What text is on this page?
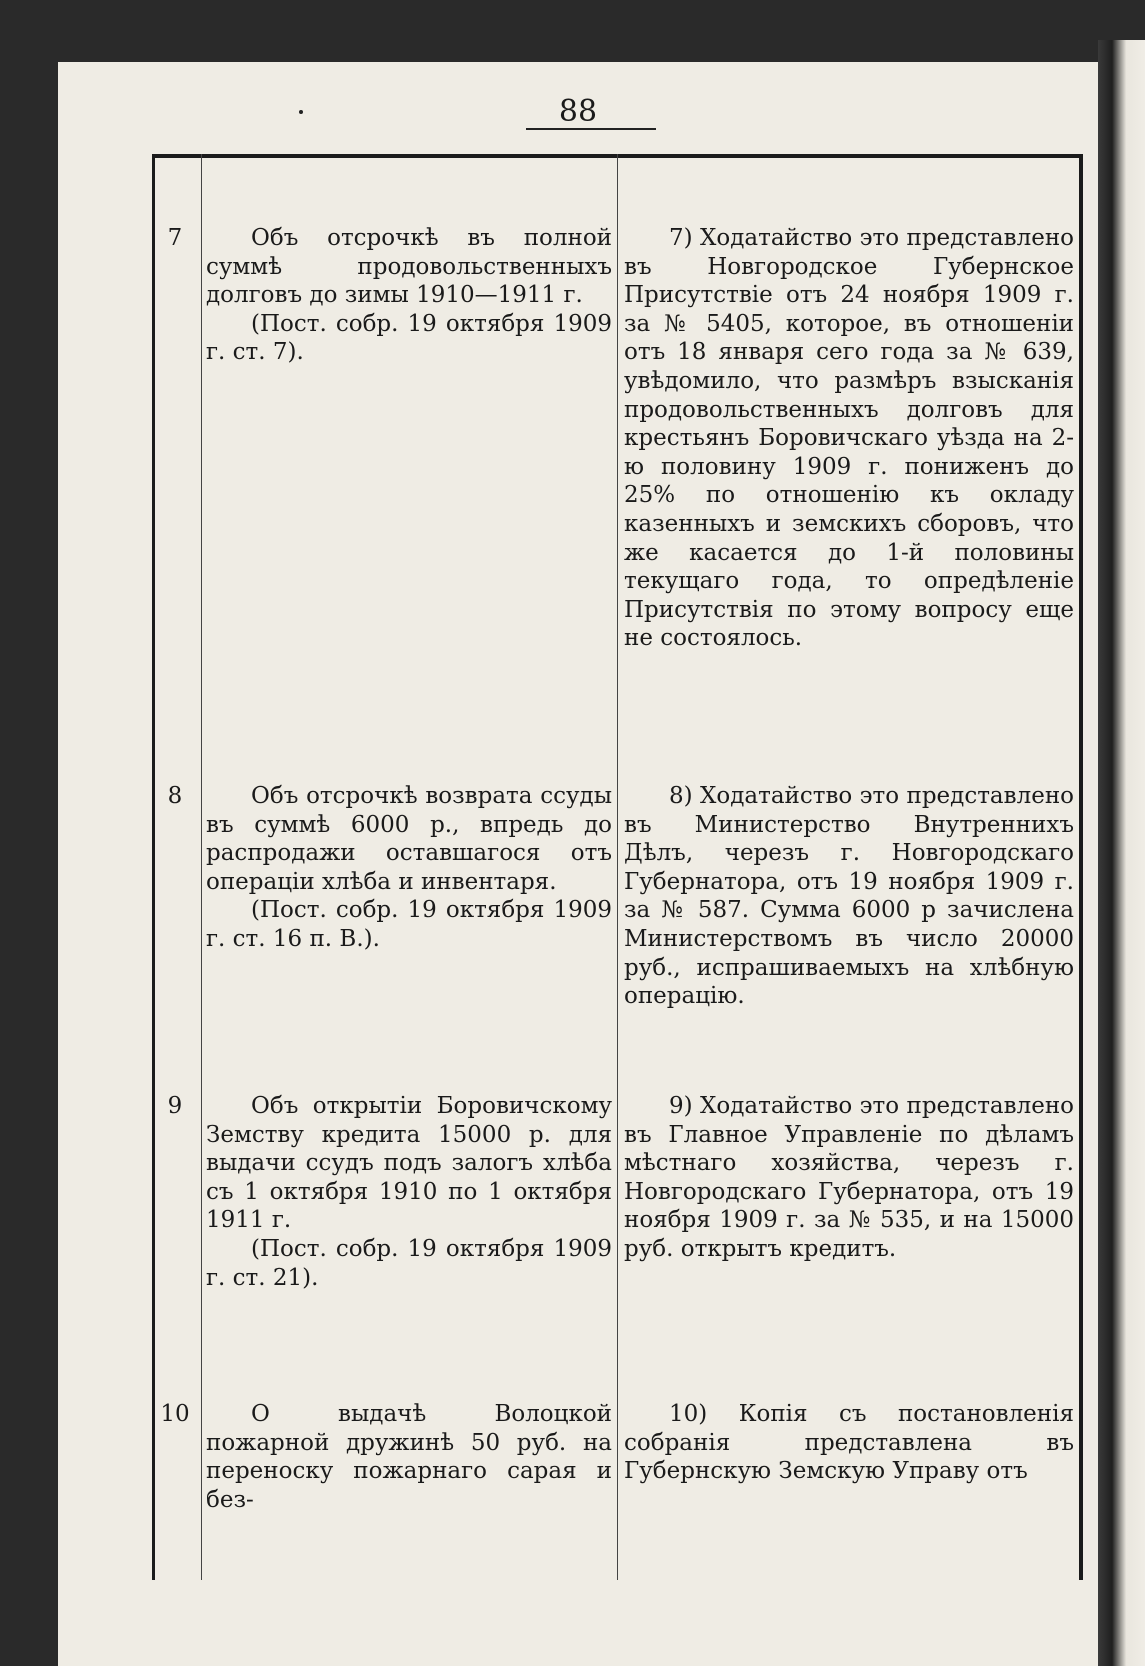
88
7	Объ отсрочкѣ въ полной суммѣ продовольственныхъ долговъ до зимы 1910—1911 г.

(Пост. собр. 19 октября 1909 г. ст. 7).

7) Ходатайство это представлено въ Новгородское Губернское Присутствіе отъ 24 ноября 1909 г. за № 5405, которое, въ отношеніи отъ 18 января сего года за № 639, увѣдомило, что размѣръ взысканія продовольственныхъ долговъ для крестьянъ Боровичскаго уѣзда на 2-ю половину 1909 г. пониженъ до 25% по отношенію къ окладу казенныхъ и земскихъ сборовъ, что же касается до 1-й половины текущаго года, то опредѣленіе Присутствія по этому вопросу еще не состоялось.

8	Объ отсрочкѣ возврата ссуды въ суммѣ 6000 р., впредь до распродажи оставшагося отъ операціи хлѣба и инвентаря.

(Пост. собр. 19 октября 1909 г. ст. 16 п. В.).

8) Ходатайство это представлено въ Министерство Внутреннихъ Дѣлъ, черезъ г. Новгородскаго Губернатора, отъ 19 ноября 1909 г. за № 587. Сумма 6000 р зачислена Министерствомъ въ число 20000 руб., испрашиваемыхъ на хлѣбную операцію.

9	Объ открытіи Боровичскому Земству кредита 15000 р. для выдачи ссудъ подъ залогъ хлѣба съ 1 октября 1910 по 1 октября 1911 г.

(Пост. собр. 19 октября 1909 г. ст. 21).

9) Ходатайство это представлено въ Главное Управленіе по дѣламъ мѣстнаго хозяйства, черезъ г. Новгородскаго Губернатора, отъ 19 ноября 1909 г. за № 535, и на 15000 руб. открытъ кредитъ.

10	О выдачѣ Волоцкой пожарной дружинѣ 50 руб. на переноску пожарнаго сарая и без-

10) Копія съ постановленія собранія представлена въ Губернскую Земскую Управу отъ
